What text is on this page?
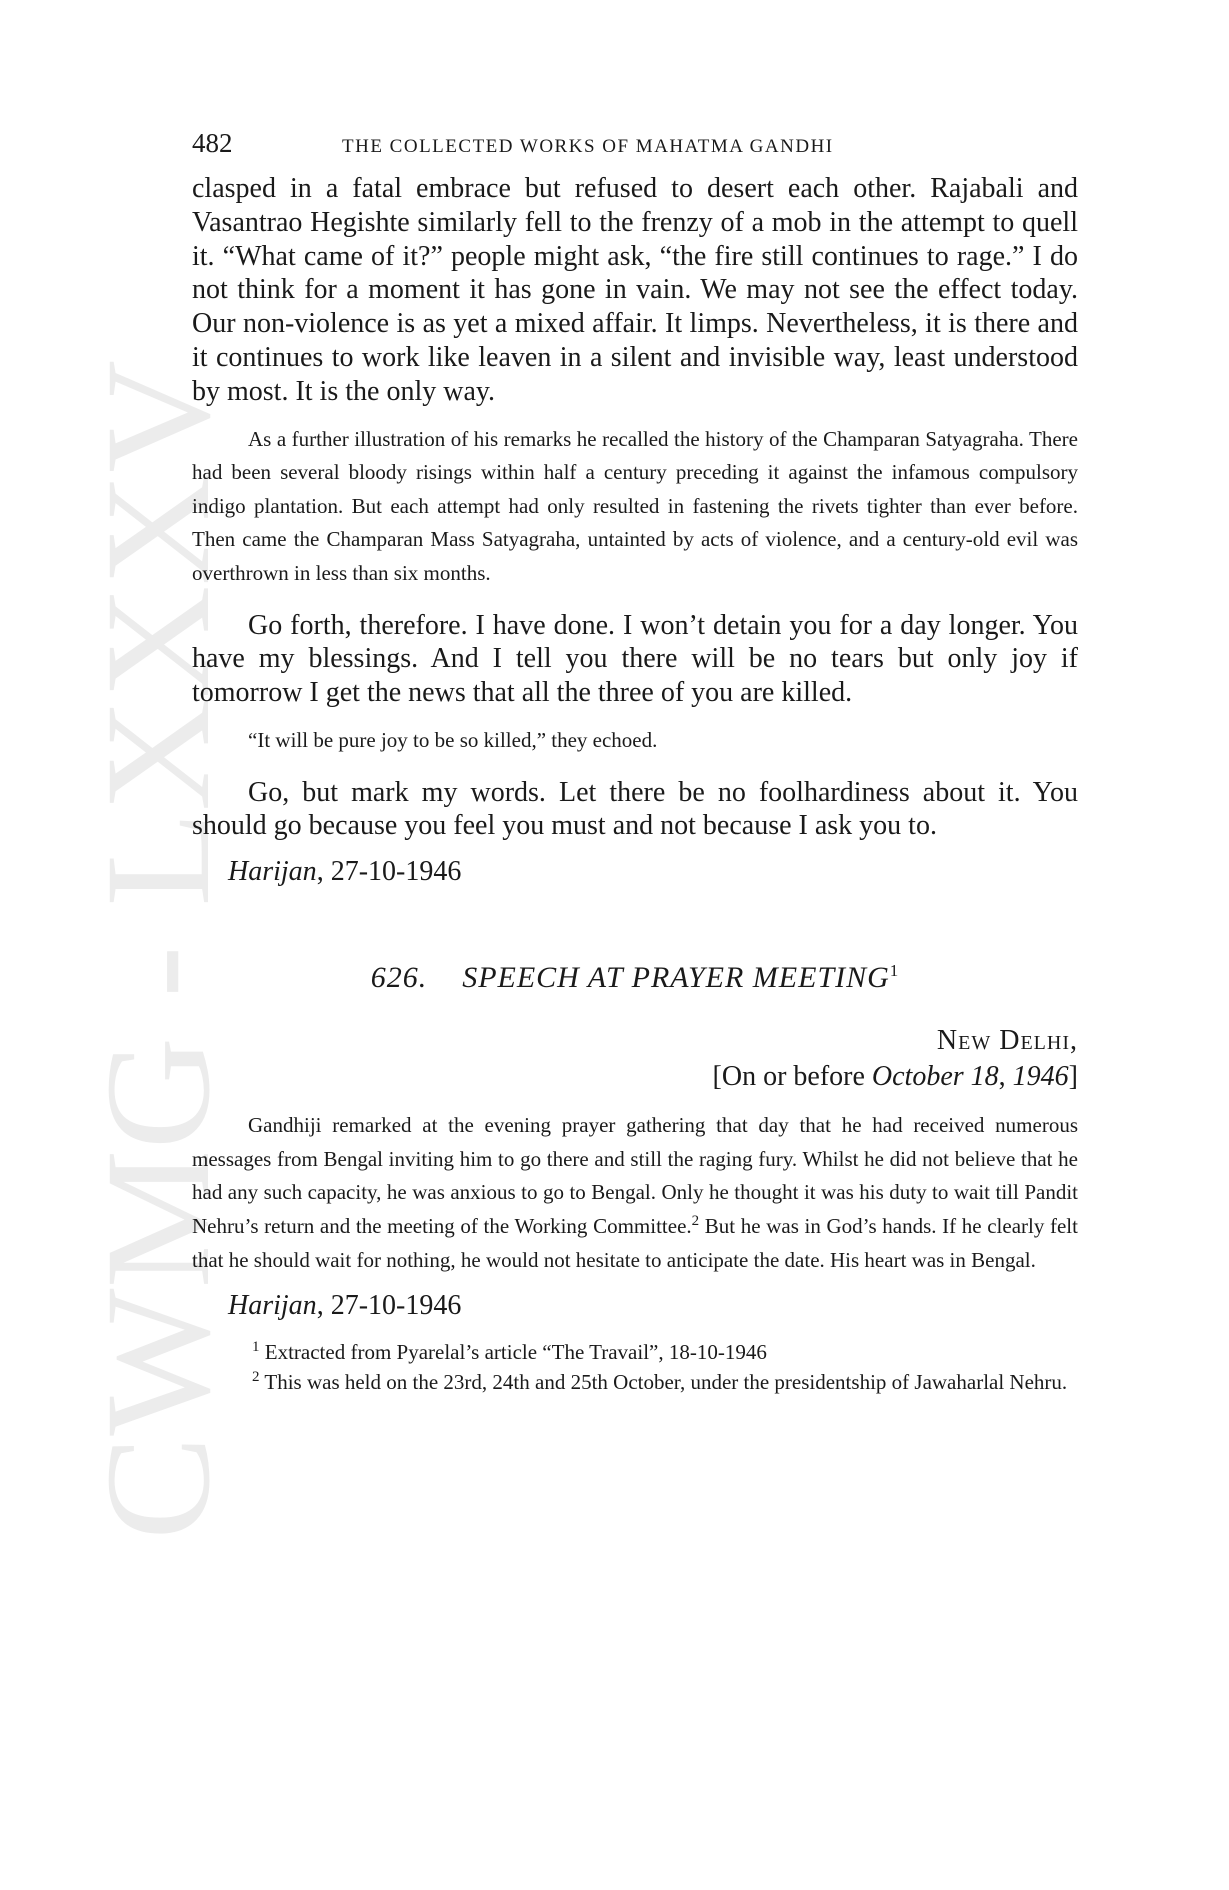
CWMG - LXXXV
482	THE COLLECTED WORKS OF MAHATMA GANDHI

clasped in a fatal embrace but refused to desert each other. Rajabali and Vasantrao Hegishte similarly fell to the frenzy of a mob in the attempt to quell it. “What came of it?” people might ask, “the fire still continues to rage.” I do not think for a moment it has gone in vain. We may not see the effect today. Our non-violence is as yet a mixed affair. It limps. Nevertheless, it is there and it continues to work like leaven in a silent and invisible way, least understood by most. It is the only way.

As a further illustration of his remarks he recalled the history of the Champaran Satyagraha. There had been several bloody risings within half a century preceding it against the infamous compulsory indigo plantation. But each attempt had only resulted in fastening the rivets tighter than ever before. Then came the Champaran Mass Satyagraha, untainted by acts of violence, and a century-old evil was overthrown in less than six months.

Go forth, therefore. I have done. I won’t detain you for a day longer. You have my blessings. And I tell you there will be no tears but only joy if tomorrow I get the news that all the three of you are killed.

“It will be pure joy to be so killed,” they echoed.

Go, but mark my words. Let there be no foolhardiness about it. You should go because you feel you must and not because I ask you to.

Harijan, 27-10-1946

626. SPEECH AT PRAYER MEETING$^1$
New Delhi,
[On or before October 18, 1946]

Gandhiji remarked at the evening prayer gathering that day that he had received numerous messages from Bengal inviting him to go there and still the raging fury. Whilst he did not believe that he had any such capacity, he was anxious to go to Bengal. Only he thought it was his duty to wait till Pandit Nehru’s return and the meeting of the Working Committee.$^2$ But he was in God’s hands. If he clearly felt that he should wait for nothing, he would not hesitate to anticipate the date. His heart was in Bengal.

Harijan, 27-10-1946

$^1$ Extracted from Pyarelal’s article “The Travail”, 18-10-1946

$^2$ This was held on the 23rd, 24th and 25th October, under the presidentship of Jawaharlal Nehru.
